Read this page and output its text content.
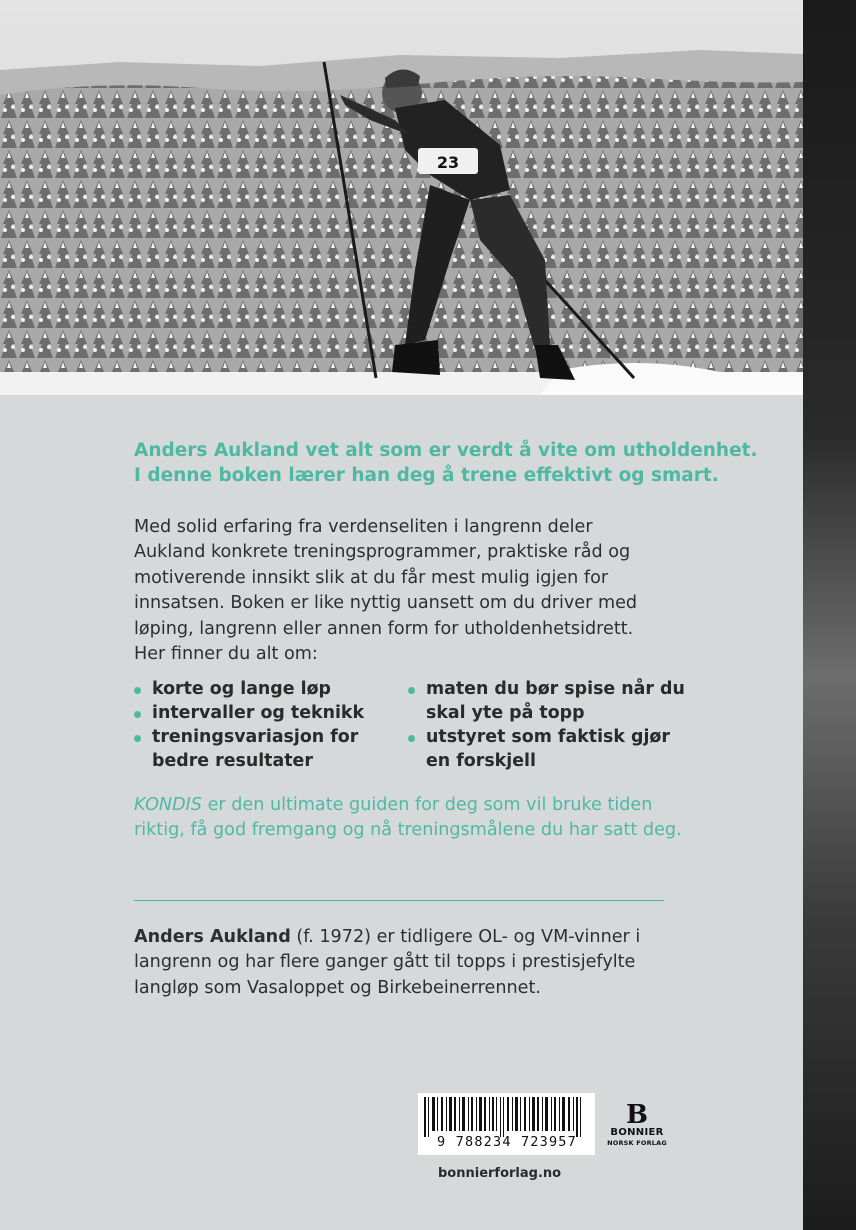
23
Anders Aukland vet alt som er verdt å vite om utholdenhet.
I denne boken lærer han deg å trene effektivt og smart.
Med solid erfaring fra verdenseliten i langrenn deler
Aukland konkrete treningsprogrammer, praktiske råd og
motiverende innsikt slik at du får mest mulig igjen for
innsatsen. Boken er like nyttig uansett om du driver med
løping, langrenn eller annen form for utholdenhetsidrett.
Her finner du alt om:
korte og lange løp
intervaller og teknikk
treningsvariasjon for bedre resultater
maten du bør spise når du skal yte på topp
utstyret som faktisk gjør en forskjell
KONDIS er den ultimate guiden for deg som vil bruke tiden
riktig, få god fremgang og nå treningsmålene du har satt deg.
Anders Aukland (f. 1972) er tidligere OL- og VM-vinner i
langrenn og har flere ganger gått til topps i prestisjefylte
langløp som Vasaloppet og Birkebeinerrennet.
9 788234 723957
B
BONNIER
NORSK FORLAG
bonnierforlag.no
